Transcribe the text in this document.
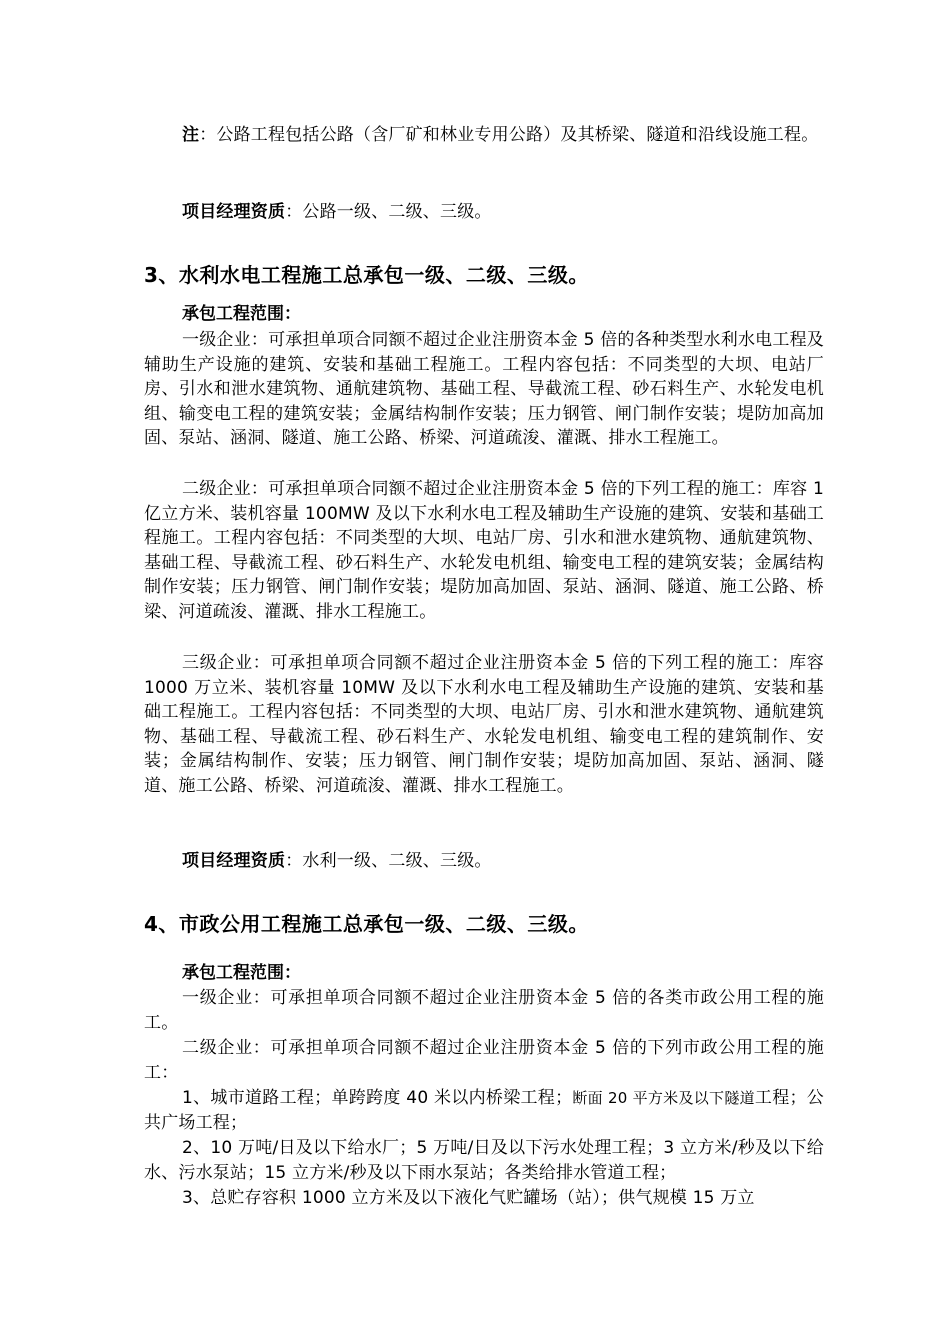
注：公路工程包括公路（含厂矿和林业专用公路）及其桥梁、隧道和沿线设施工程。
项目经理资质：公路一级、二级、三级。
3、水利水电工程施工总承包一级、二级、三级。
承包工程范围：
一级企业：可承担单项合同额不超过企业注册资本金 5 倍的各种类型水利水电工程及辅助生产设施的建筑、安装和基础工程施工。工程内容包括：不同类型的大坝、电站厂房、引水和泄水建筑物、通航建筑物、基础工程、导截流工程、砂石料生产、水轮发电机组、输变电工程的建筑安装；金属结构制作安装；压力钢管、闸门制作安装；堤防加高加固、泵站、涵洞、隧道、施工公路、桥梁、河道疏浚、灌溉、排水工程施工。
二级企业：可承担单项合同额不超过企业注册资本金 5 倍的下列工程的施工：库容 1 亿立方米、装机容量 100MW 及以下水利水电工程及辅助生产设施的建筑、安装和基础工程施工。工程内容包括：不同类型的大坝、电站厂房、引水和泄水建筑物、通航建筑物、基础工程、导截流工程、砂石料生产、水轮发电机组、输变电工程的建筑安装；金属结构制作安装；压力钢管、闸门制作安装；堤防加高加固、泵站、涵洞、隧道、施工公路、桥梁、河道疏浚、灌溉、排水工程施工。
三级企业：可承担单项合同额不超过企业注册资本金 5 倍的下列工程的施工：库容 1000 万立米、装机容量 10MW 及以下水利水电工程及辅助生产设施的建筑、安装和基础工程施工。工程内容包括：不同类型的大坝、电站厂房、引水和泄水建筑物、通航建筑物、基础工程、导截流工程、砂石料生产、水轮发电机组、输变电工程的建筑制作、安装；金属结构制作、安装；压力钢管、闸门制作安装；堤防加高加固、泵站、涵洞、隧道、施工公路、桥梁、河道疏浚、灌溉、排水工程施工。
项目经理资质：水利一级、二级、三级。
4、市政公用工程施工总承包一级、二级、三级。
承包工程范围：
一级企业：可承担单项合同额不超过企业注册资本金 5 倍的各类市政公用工程的施工。
二级企业：可承担单项合同额不超过企业注册资本金 5 倍的下列市政公用工程的施工：
1、城市道路工程；单跨跨度 40 米以内桥梁工程；断面 20 平方米及以下隧道工程；公共广场工程；
2、10 万吨/日及以下给水厂；5 万吨/日及以下污水处理工程；3 立方米/秒及以下给水、污水泵站；15 立方米/秒及以下雨水泵站；各类给排水管道工程；
3、总贮存容积 1000 立方米及以下液化气贮罐场（站）；供气规模 15 万立
